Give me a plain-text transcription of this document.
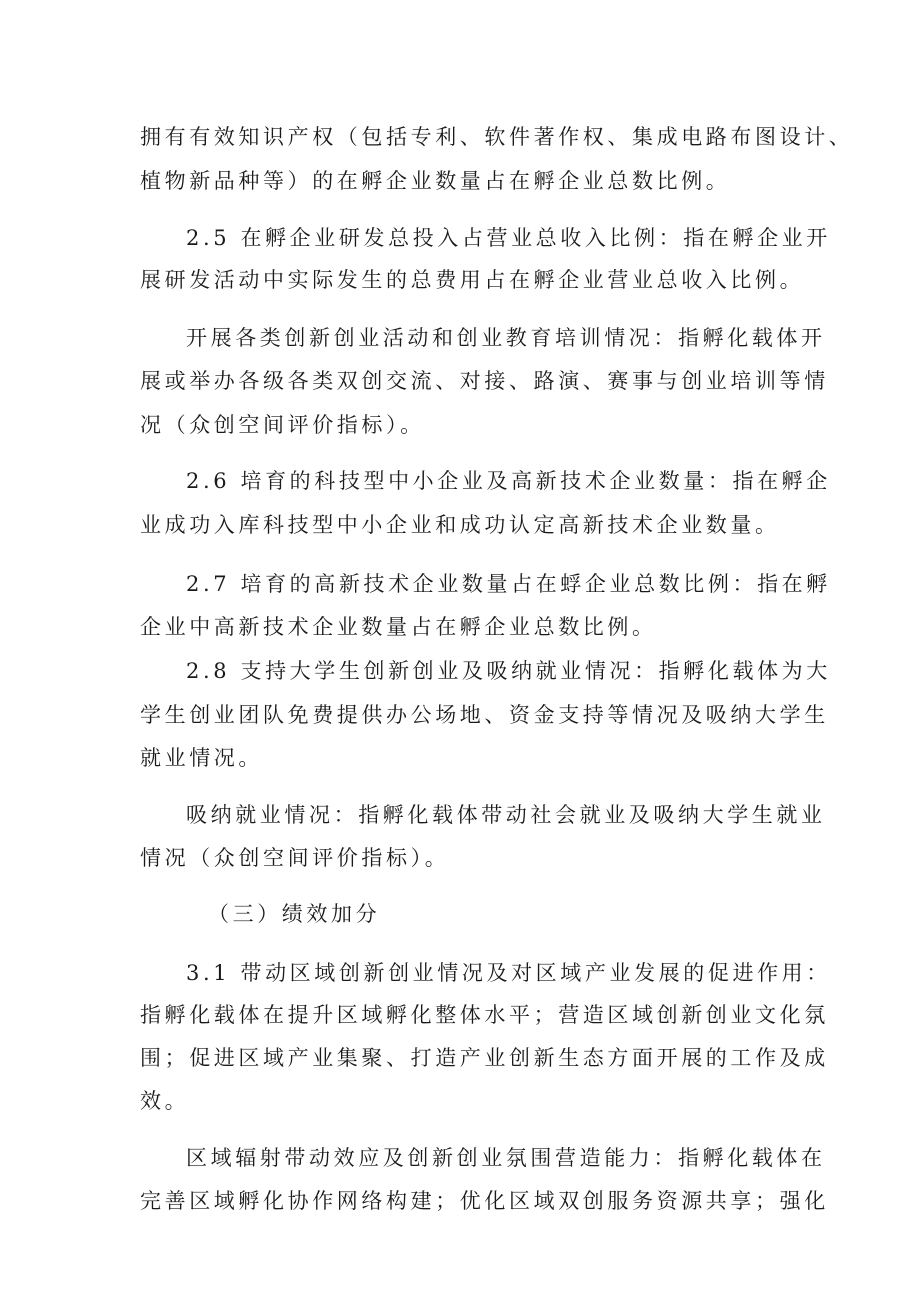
拥有有效知识产权（包括专利、软件著作权、集成电路布图设计、
植物新品种等）的在孵企业数量占在孵企业总数比例。
2.5 在孵企业研发总投入占营业总收入比例：指在孵企业开
展研发活动中实际发生的总费用占在孵企业营业总收入比例。
开展各类创新创业活动和创业教育培训情况：指孵化载体开
展或举办各级各类双创交流、对接、路演、赛事与创业培训等情
况（众创空间评价指标）。
2.6 培育的科技型中小企业及高新技术企业数量：指在孵企
业成功入库科技型中小企业和成功认定高新技术企业数量。
2.7 培育的高新技术企业数量占在蜉企业总数比例：指在孵
企业中高新技术企业数量占在孵企业总数比例。
2.8 支持大学生创新创业及吸纳就业情况：指孵化载体为大
学生创业团队免费提供办公场地、资金支持等情况及吸纳大学生
就业情况。
吸纳就业情况：指孵化载体带动社会就业及吸纳大学生就业
情况（众创空间评价指标）。
（三）绩效加分
3.1 带动区域创新创业情况及对区域产业发展的促进作用：
指孵化载体在提升区域孵化整体水平；营造区域创新创业文化氛
围；促进区域产业集聚、打造产业创新生态方面开展的工作及成
效。
区域辐射带动效应及创新创业氛围营造能力：指孵化载体在
完善区域孵化协作网络构建；优化区域双创服务资源共享；强化
